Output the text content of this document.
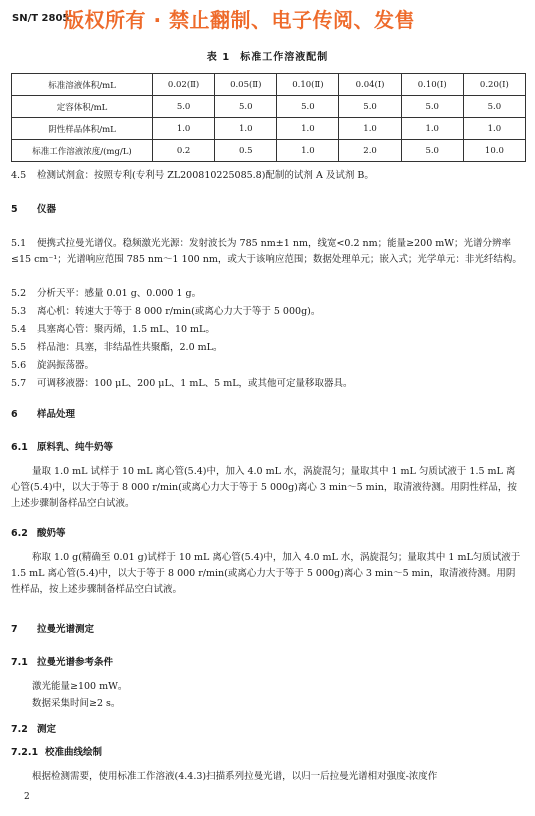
SN/T 2805
版权所有 · 禁止翻制、电子传阅、发售
表 1 标准工作溶液配制
标准溶液体积/mL	0.02(Ⅱ)	0.05(Ⅱ)	0.10(Ⅱ)	0.04(Ⅰ)	0.10(Ⅰ)	0.20(Ⅰ)
定容体积/mL	5.0	5.0	5.0	5.0	5.0	5.0
阴性样品体积/mL	1.0	1.0	1.0	1.0	1.0	1.0
标准工作溶液浓度/(mg/L)	0.2	0.5	1.0	2.0	5.0	10.0
4.5 检测试剂盒：按照专利(专利号 ZL200810225085.8)配制的试剂 A 及试剂 B。
5 仪器
5.1 便携式拉曼光谱仪。稳频激光光源：发射波长为 785 nm±1 nm，线宽<0.2 nm；能量≥200 mW；光谱分辨率≤15 cm⁻¹；光谱响应范围 785 nm～1 100 nm，或大于该响应范围；数据处理单元；嵌入式；光学单元：非光纤结构。
5.2 分析天平：感量 0.01 g、0.000 1 g。
5.3 离心机：转速大于等于 8 000 r/min(或离心力大于等于 5 000g)。
5.4 具塞离心管：聚丙烯，1.5 mL、10 mL。
5.5 样品池：具塞，非结晶性共聚酯，2.0 mL。
5.6 旋涡振荡器。
5.7 可调移液器：100 μL、200 μL、1 mL、5 mL，或其他可定量移取器具。
6 样品处理
6.1 原料乳、纯牛奶等
量取 1.0 mL 试样于 10 mL 离心管(5.4)中，加入 4.0 mL 水，涡旋混匀；量取其中 1 mL 匀质试液于 1.5 mL 离心管(5.4)中，以大于等于 8 000 r/min(或离心力大于等于 5 000g)离心 3 min～5 min，取清液待测。用阴性样品，按上述步骤制备样品空白试液。
6.2 酸奶等
称取 1.0 g(精确至 0.01 g)试样于 10 mL 离心管(5.4)中，加入 4.0 mL 水，涡旋混匀；量取其中 1 mL匀质试液于 1.5 mL 离心管(5.4)中，以大于等于 8 000 r/min(或离心力大于等于 5 000g)离心 3 min～5 min，取清液待测。用阴性样品，按上述步骤制备样品空白试液。
7 拉曼光谱测定
7.1 拉曼光谱参考条件
激光能量≥100 mW。
数据采集时间≥2 s。
7.2 测定
7.2.1 校准曲线绘制
根据检测需要，使用标准工作溶液(4.4.3)扫描系列拉曼光谱，以归一后拉曼光谱相对强度-浓度作
2
